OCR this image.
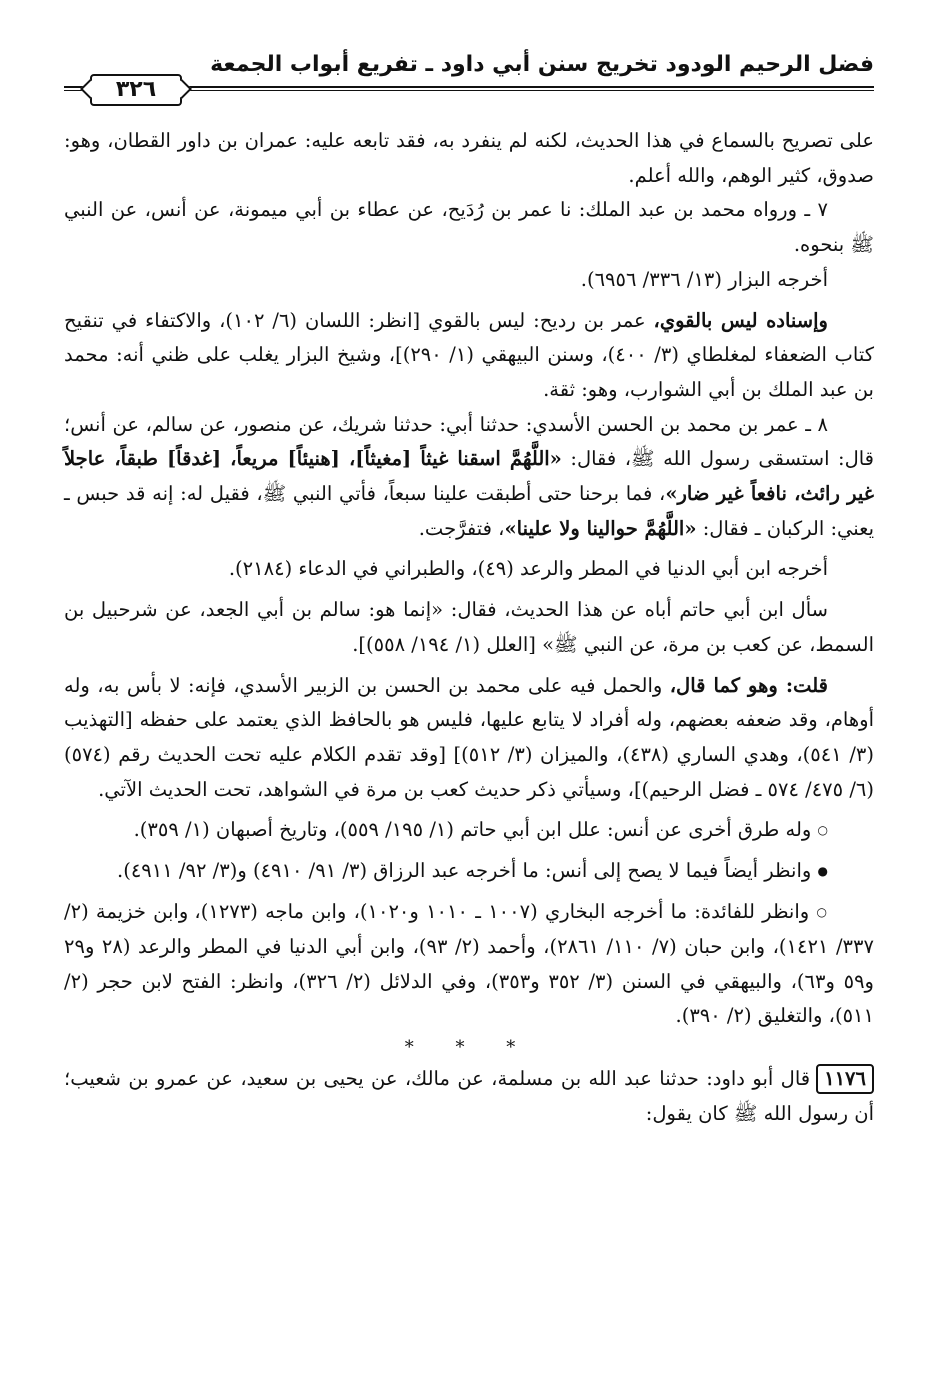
فضل الرحيم الودود تخريج سنن أبي داود ـ تفريع أبواب الجمعة
٣٢٦

على تصريح بالسماع في هذا الحديث، لكنه لم ينفرد به، فقد تابعه عليه: عمران بن داور القطان، وهو: صدوق، كثير الوهم، والله أعلم.

٧ ـ ورواه محمد بن عبد الملك: نا عمر بن رُدَيح، عن عطاء بن أبي ميمونة، عن أنس، عن النبي ﷺ بنحوه.

أخرجه البزار (١٣/ ٣٣٦/ ٦٩٥٦).

وإسناده ليس بالقوي، عمر بن رديح: ليس بالقوي [انظر: اللسان (٦/ ١٠٢)، والاكتفاء في تنقيح كتاب الضعفاء لمغلطاي (٣/ ٤٠٠)، وسنن البيهقي (١/ ٢٩٠)]، وشيخ البزار يغلب على ظني أنه: محمد بن عبد الملك بن أبي الشوارب، وهو: ثقة.

٨ ـ عمر بن محمد بن الحسن الأسدي: حدثنا أبي: حدثنا شريك، عن منصور، عن سالم، عن أنس؛ قال: استسقى رسول الله ﷺ، فقال: «اللَّهُمَّ اسقنا غيثاً [مغيثاً]، [هنيئاً] مريعاً، [غدقاً] طبقاً، عاجلاً غير رائث، نافعاً غير ضار»، فما برحنا حتى أطبقت علينا سبعاً، فأتي النبي ﷺ، فقيل له: إنه قد حبس ـ يعني: الركبان ـ فقال: «اللَّهُمَّ حوالينا ولا علينا»، فتفرَّجت.

أخرجه ابن أبي الدنيا في المطر والرعد (٤٩)، والطبراني في الدعاء (٢١٨٤).

سأل ابن أبي حاتم أباه عن هذا الحديث، فقال: «إنما هو: سالم بن أبي الجعد، عن شرحبيل بن السمط، عن كعب بن مرة، عن النبي ﷺ» [العلل (١/ ١٩٤/ ٥٥٨)].

قلت: وهو كما قال، والحمل فيه على محمد بن الحسن بن الزبير الأسدي، فإنه: لا بأس به، وله أوهام، وقد ضعفه بعضهم، وله أفراد لا يتابع عليها، فليس هو بالحافظ الذي يعتمد على حفظه [التهذيب (٣/ ٥٤١)، وهدي الساري (٤٣٨)، والميزان (٣/ ٥١٢)] [وقد تقدم الكلام عليه تحت الحديث رقم (٥٧٤) (٦/ ٤٧٥/ ٥٧٤ ـ فضل الرحيم)]، وسيأتي ذكر حديث كعب بن مرة في الشواهد، تحت الحديث الآتي.

○ وله طرق أخرى عن أنس: علل ابن أبي حاتم (١/ ١٩٥/ ٥٥٩)، وتاريخ أصبهان (١/ ٣٥٩).

● وانظر أيضاً فيما لا يصح إلى أنس: ما أخرجه عبد الرزاق (٣/ ٩١/ ٤٩١٠) و(٣/ ٩٢/ ٤٩١١).

○ وانظر للفائدة: ما أخرجه البخاري (١٠٠٧ ـ ١٠١٠ و١٠٢٠)، وابن ماجه (١٢٧٣)، وابن خزيمة (٢/ ٣٣٧/ ١٤٢١)، وابن حبان (٧/ ١١٠/ ٢٨٦١)، وأحمد (٢/ ٩٣)، وابن أبي الدنيا في المطر والرعد (٢٨ و٢٩ و٥٩ و٦٣)، والبيهقي في السنن (٣/ ٣٥٢ و٣٥٣)، وفي الدلائل (٢/ ٣٢٦)، وانظر: الفتح لابن حجر (٢/ ٥١١)، والتغليق (٢/ ٣٩٠).

* * *

١١٧٦قال أبو داود: حدثنا عبد الله بن مسلمة، عن مالك، عن يحيى بن سعيد، عن عمرو بن شعيب؛ أن رسول الله ﷺ كان يقول:
